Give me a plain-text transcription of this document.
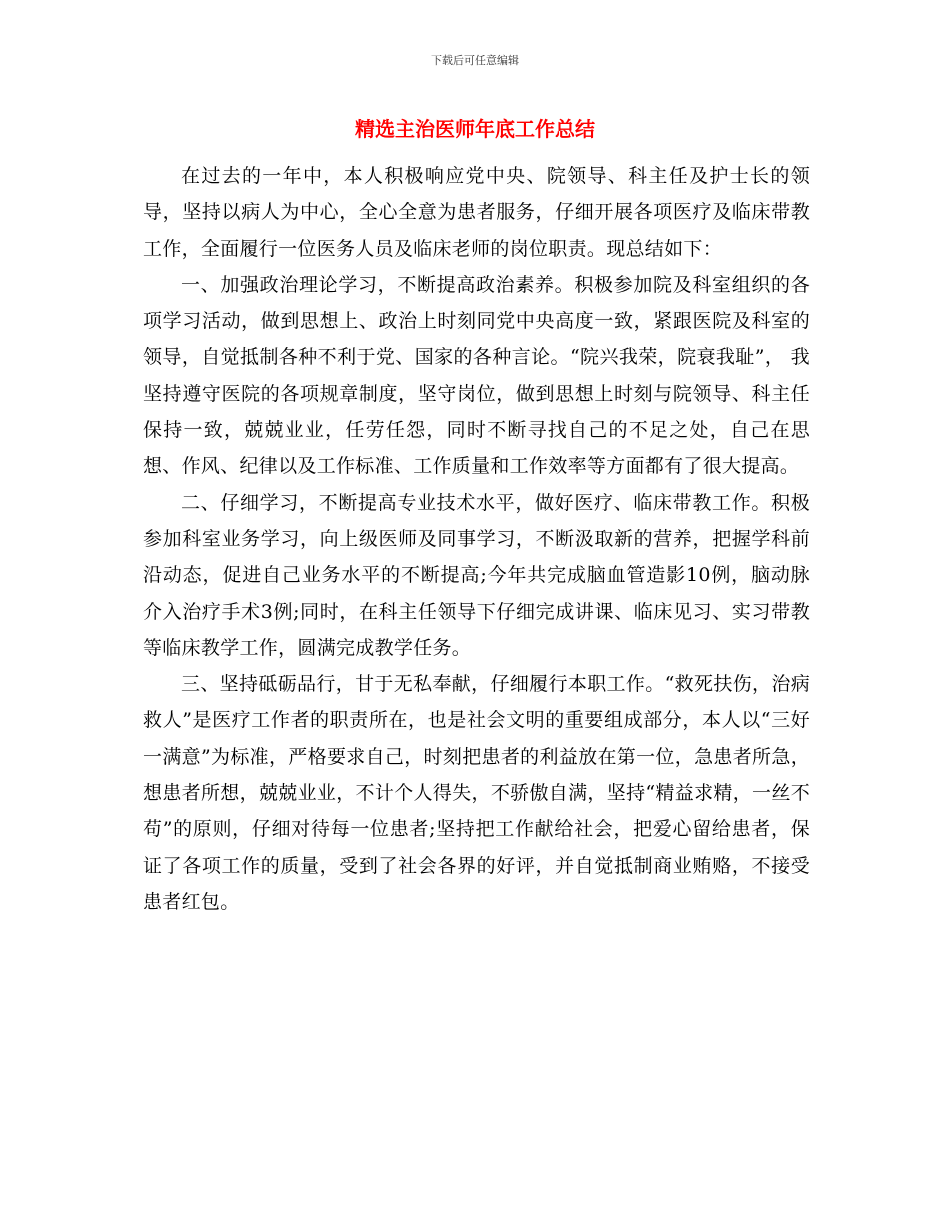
下载后可任意编辑
精选主治医师年底工作总结

在过去的一年中，本人积极响应党中央、院领导、科主任及护士长的领导，坚持以病人为中心，全心全意为患者服务，仔细开展各项医疗及临床带教工作，全面履行一位医务人员及临床老师的岗位职责。现总结如下：

一、加强政治理论学习，不断提高政治素养。积极参加院及科室组织的各项学习活动，做到思想上、政治上时刻同党中央高度一致，紧跟医院及科室的领导，自觉抵制各种不利于党、国家的各种言论。“院兴我荣，院衰我耻”， 我坚持遵守医院的各项规章制度，坚守岗位，做到思想上时刻与院领导、科主任保持一致，兢兢业业，任劳任怨，同时不断寻找自己的不足之处，自己在思想、作风、纪律以及工作标准、工作质量和工作效率等方面都有了很大提高。

二、仔细学习，不断提高专业技术水平，做好医疗、临床带教工作。积极参加科室业务学习，向上级医师及同事学习，不断汲取新的营养，把握学科前沿动态，促进自己业务水平的不断提高;今年共完成脑血管造影10例，脑动脉介入治疗手术3例;同时，在科主任领导下仔细完成讲课、临床见习、实习带教等临床教学工作，圆满完成教学任务。

三、坚持砥砺品行，甘于无私奉献，仔细履行本职工作。“救死扶伤，治病救人”是医疗工作者的职责所在，也是社会文明的重要组成部分，本人以“三好一满意”为标准，严格要求自己，时刻把患者的利益放在第一位，急患者所急，想患者所想，兢兢业业，不计个人得失，不骄傲自满，坚持“精益求精，一丝不苟”的原则，仔细对待每一位患者;坚持把工作献给社会，把爱心留给患者，保证了各项工作的质量，受到了社会各界的好评，并自觉抵制商业贿赂，不接受患者红包。
